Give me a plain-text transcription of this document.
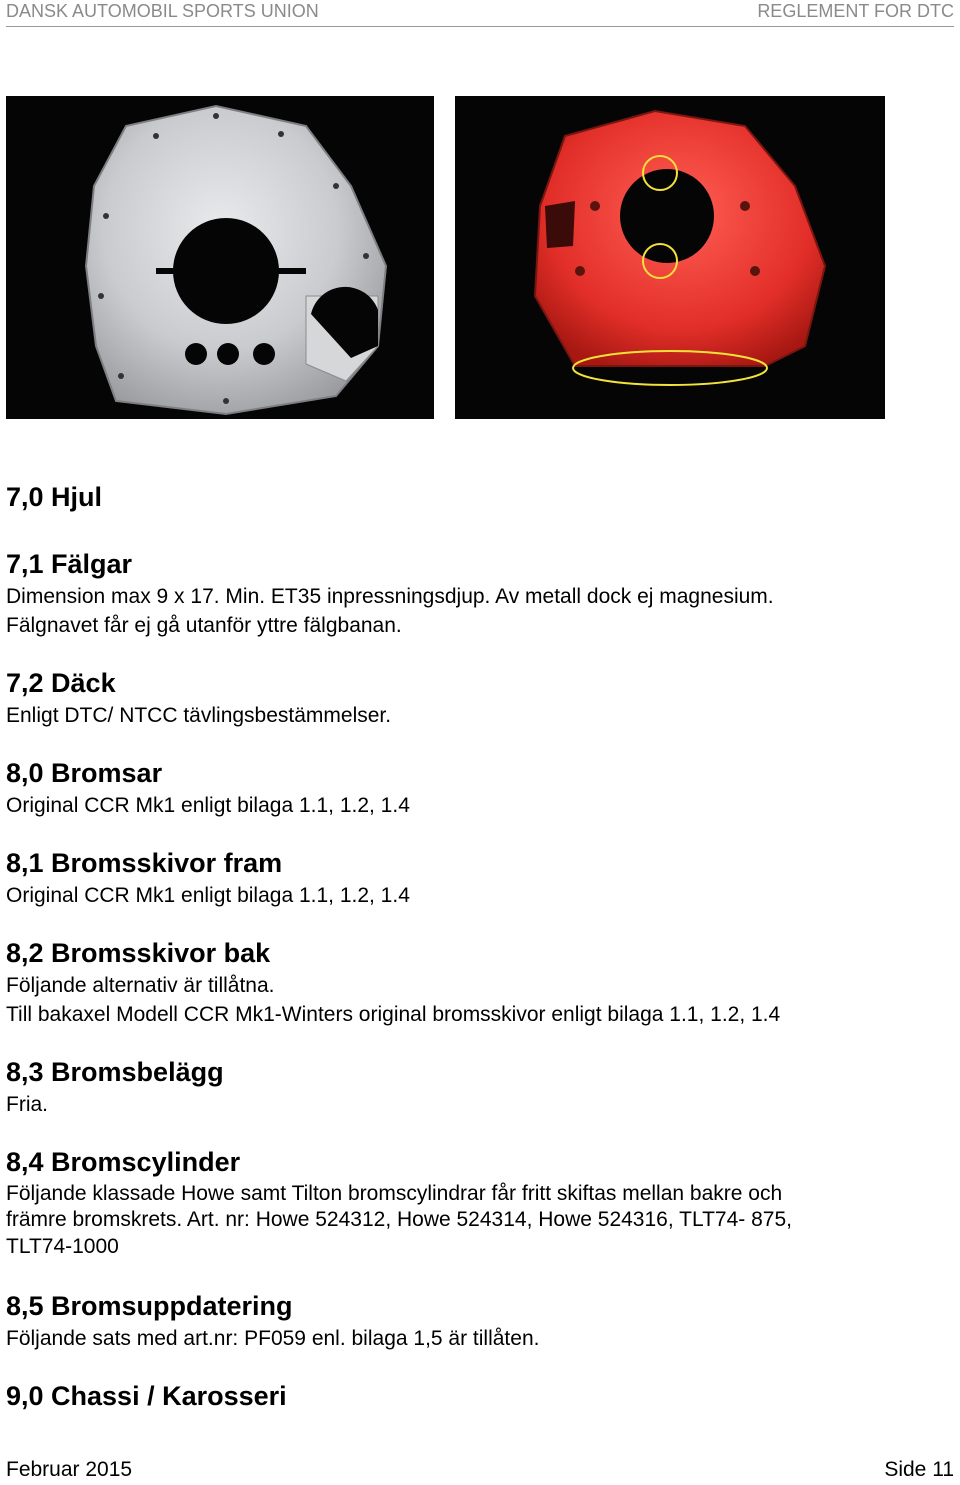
DANSK AUTOMOBIL SPORTS UNION	REGLEMENT FOR DTC
7,0 Hjul
7,1 Fälgar
Dimension max 9 x 17. Min. ET35 inpressningsdjup. Av metall dock ej magnesium.
Fälgnavet får ej gå utanför yttre fälgbanan.
7,2 Däck
Enligt DTC/ NTCC tävlingsbestämmelser.
8,0 Bromsar
Original CCR Mk1 enligt bilaga 1.1, 1.2, 1.4
8,1 Bromsskivor fram
Original CCR Mk1 enligt bilaga 1.1, 1.2, 1.4
8,2 Bromsskivor bak
Följande alternativ är tillåtna.
Till bakaxel Modell CCR Mk1-Winters original bromsskivor enligt bilaga 1.1, 1.2, 1.4
8,3 Bromsbelägg
Fria.
8,4 Bromscylinder
Följande klassade Howe samt Tilton bromscylindrar får fritt skiftas mellan bakre och
främre bromskrets. Art. nr: Howe 524312, Howe 524314, Howe 524316, TLT74- 875,
TLT74-1000
8,5 Bromsuppdatering
Följande sats med art.nr: PF059 enl. bilaga 1,5 är tillåten.
9,0 Chassi / Karosseri
Februar 2015	Side 11
